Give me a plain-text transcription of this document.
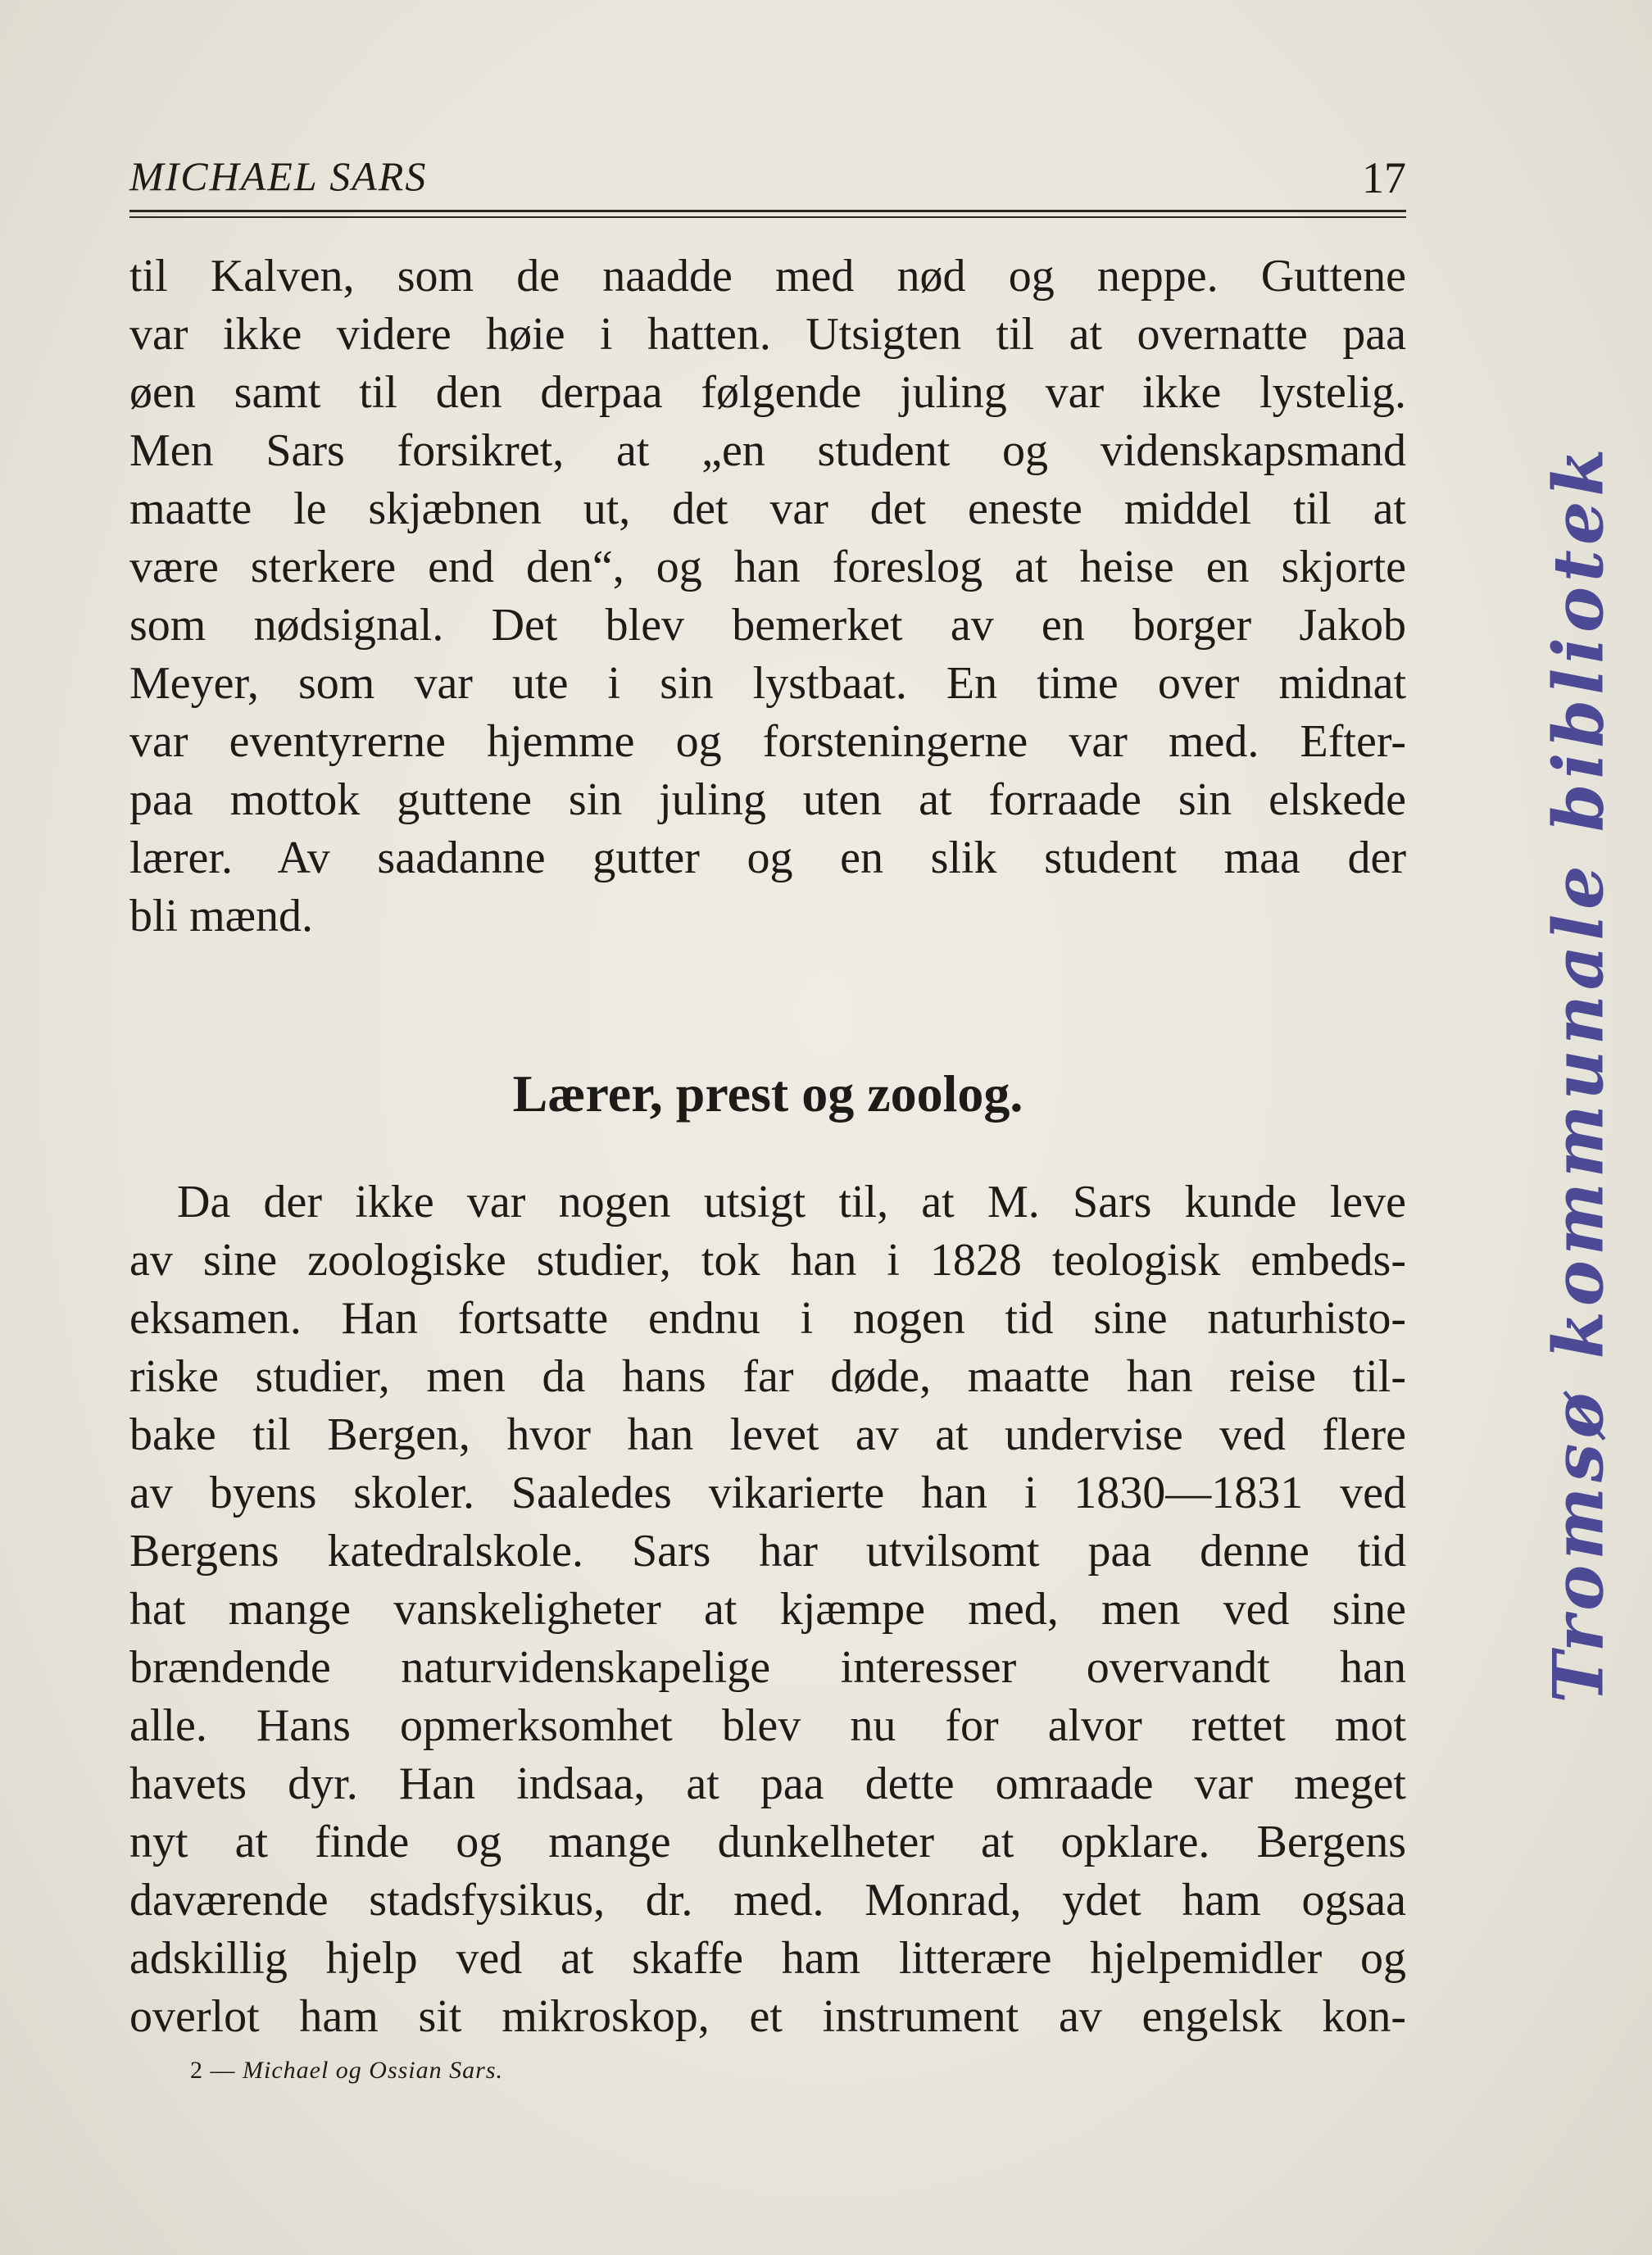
MICHAEL SARS	17
til Kalven, som de naadde med nød og neppe. Guttene
var ikke videre høie i hatten. Utsigten til at overnatte paa
øen samt til den derpaa følgende juling var ikke lystelig.
Men Sars forsikret, at „en student og videnskapsmand
maatte le skjæbnen ut, det var det eneste middel til at
være sterkere end den“, og han foreslog at heise en skjorte
som nødsignal. Det blev bemerket av en borger Jakob
Meyer, som var ute i sin lystbaat. En time over midnat
var eventyrerne hjemme og forsteningerne var med. Efter-
paa mottok guttene sin juling uten at forraade sin elskede
lærer. Av saadanne gutter og en slik student maa der
bli mænd.
Lærer, prest og zoolog.
Da der ikke var nogen utsigt til, at M. Sars kunde leve
av sine zoologiske studier, tok han i 1828 teologisk embeds-
eksamen. Han fortsatte endnu i nogen tid sine naturhisto-
riske studier, men da hans far døde, maatte han reise til-
bake til Bergen, hvor han levet av at undervise ved flere
av byens skoler. Saaledes vikarierte han i 1830—1831 ved
Bergens katedralskole. Sars har utvilsomt paa denne tid
hat mange vanskeligheter at kjæmpe med, men ved sine
brændende naturvidenskapelige interesser overvandt han
alle. Hans opmerksomhet blev nu for alvor rettet mot
havets dyr. Han indsaa, at paa dette omraade var meget
nyt at finde og mange dunkelheter at opklare. Bergens
daværende stadsfysikus, dr. med. Monrad, ydet ham ogsaa
adskillig hjelp ved at skaffe ham litterære hjelpemidler og
overlot ham sit mikroskop, et instrument av engelsk kon-
2 — Michael og Ossian Sars.
Tromsø kommunale bibliotek
